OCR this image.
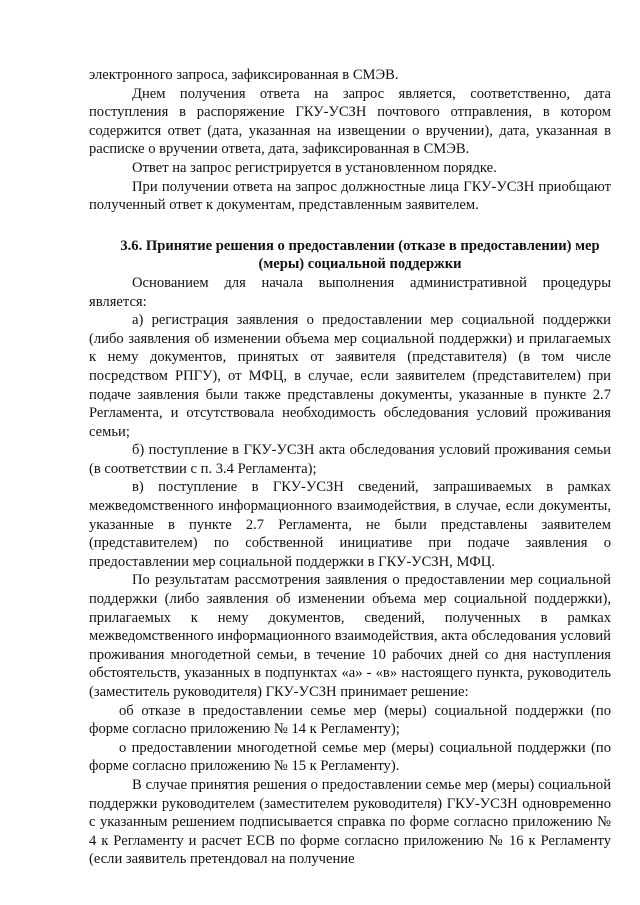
электронного запроса, зафиксированная в СМЭВ.

Днем получения ответа на запрос является, соответственно, дата поступления в распоряжение ГКУ-УСЗН почтового отправления, в котором содержится ответ (дата, указанная на извещении о вручении), дата, указанная в расписке о вручении ответа, дата, зафиксированная в СМЭВ.

Ответ на запрос регистрируется в установленном порядке.

При получении ответа на запрос должностные лица ГКУ-УСЗН приобщают полученный ответ к документам, представленным заявителем.

3.6. Принятие решения о предоставлении (отказе в предоставлении) мер (меры) социальной поддержки

Основанием для начала выполнения административной процедуры является:

а) регистрация заявления о предоставлении мер социальной поддержки (либо заявления об изменении объема мер социальной поддержки) и прилагаемых к нему документов, принятых от заявителя (представителя) (в том числе посредством РПГУ), от МФЦ, в случае, если заявителем (представителем) при подаче заявления были также представлены документы, указанные в пункте 2.7 Регламента, и отсутствовала необходимость обследования условий проживания семьи;

б) поступление в ГКУ-УСЗН акта обследования условий проживания семьи (в соответствии с п. 3.4 Регламента);

в) поступление в ГКУ-УСЗН сведений, запрашиваемых в рамках межведомственного информационного взаимодействия, в случае, если документы, указанные в пункте 2.7 Регламента, не были представлены заявителем (представителем) по собственной инициативе при подаче заявления о предоставлении мер социальной поддержки в ГКУ-УСЗН, МФЦ.

По результатам рассмотрения заявления о предоставлении мер социальной поддержки (либо заявления об изменении объема мер социальной поддержки), прилагаемых к нему документов, сведений, полученных в рамках межведомственного информационного взаимодействия, акта обследования условий проживания многодетной семьи, в течение 10 рабочих дней со дня наступления обстоятельств, указанных в подпунктах «а» - «в» настоящего пункта, руководитель (заместитель руководителя) ГКУ-УСЗН принимает решение:

об отказе в предоставлении семье мер (меры) социальной поддержки (по форме согласно приложению № 14 к Регламенту);

о предоставлении многодетной семье мер (меры) социальной поддержки (по форме согласно приложению № 15 к Регламенту).

В случае принятия решения о предоставлении семье мер (меры) социальной поддержки руководителем (заместителем руководителя) ГКУ-УСЗН одновременно с указанным решением подписывается справка по форме согласно приложению № 4 к Регламенту и расчет ЕСВ по форме согласно приложению № 16 к Регламенту (если заявитель претендовал на получение
